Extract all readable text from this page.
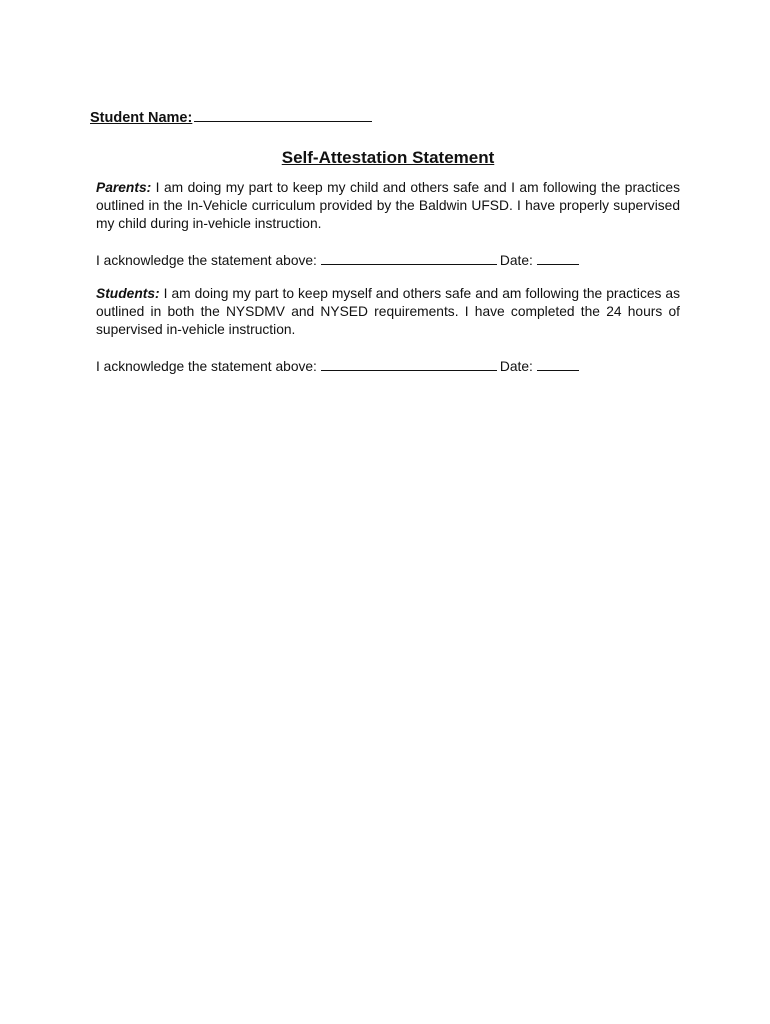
Student Name:
Self-Attestation Statement
Parents: I am doing my part to keep my child and others safe and I am following the practices outlined in the In-Vehicle curriculum provided by the Baldwin UFSD. I have properly supervised my child during in-vehicle instruction.
I acknowledge the statement above:	Date:
Students: I am doing my part to keep myself and others safe and am following the practices as outlined in both the NYSDMV and NYSED requirements. I have completed the 24 hours of supervised in-vehicle instruction.
I acknowledge the statement above:	Date:
